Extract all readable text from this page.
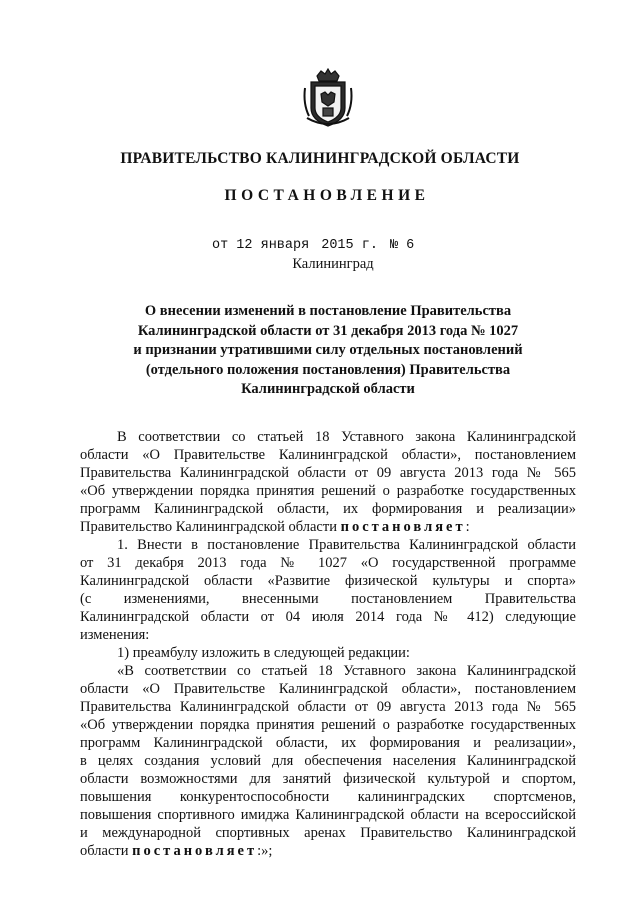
ПРАВИТЕЛЬСТВО КАЛИНИНГРАДСКОЙ ОБЛАСТИ
ПОСТАНОВЛЕНИЕ
от 12 января 2015 г. № 6
Калининград
О внесении изменений в постановление Правительства
Калининградской области от 31 декабря 2013 года № 1027
и признании утратившими силу отдельных постановлений
(отдельного положения постановления) Правительства
Калининградской области
В соответствии со статьей 18 Уставного закона Калининградской
области «О Правительстве Калининградской области», постановлением
Правительства Калининградской области от 09 августа 2013 года № 565
«Об утверждении порядка принятия решений о разработке государственных
программ Калининградской области, их формирования и реализации»
Правительство Калининградской области постановляет:
1. Внести в постановление Правительства Калининградской области
от 31 декабря 2013 года № 1027 «О государственной программе
Калининградской области «Развитие физической культуры и спорта»
(с изменениями, внесенными постановлением Правительства
Калининградской области от 04 июля 2014 года № 412) следующие
изменения:
1) преамбулу изложить в следующей редакции:
«В соответствии со статьей 18 Уставного закона Калининградской
области «О Правительстве Калининградской области», постановлением
Правительства Калининградской области от 09 августа 2013 года № 565
«Об утверждении порядка принятия решений о разработке государственных
программ Калининградской области, их формирования и реализации»,
в целях создания условий для обеспечения населения Калининградской
области возможностями для занятий физической культурой и спортом,
повышения конкурентоспособности калининградских спортсменов,
повышения спортивного имиджа Калининградской области на всероссийской
и международной спортивных аренах Правительство Калининградской
области постановляет:»;
